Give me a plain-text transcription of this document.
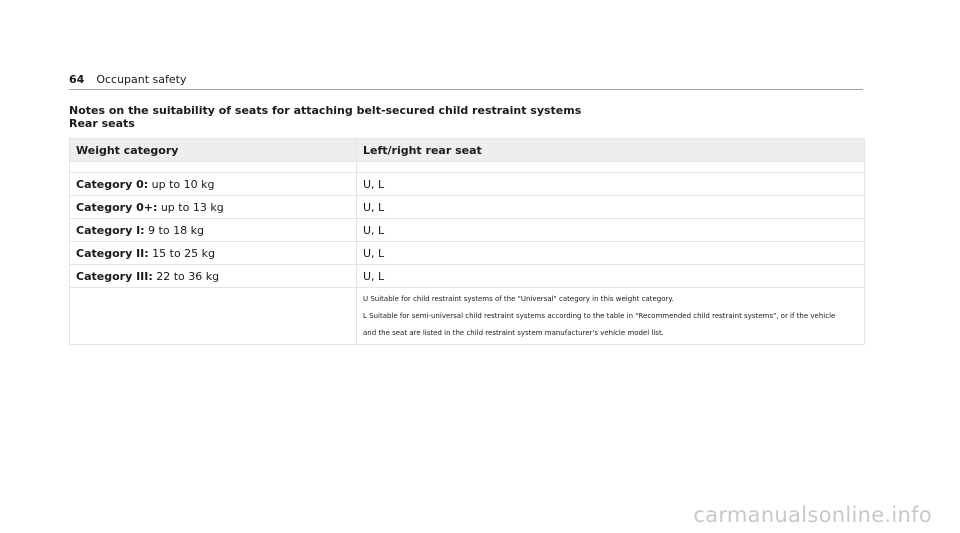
64 Occupant safety
Notes on the suitability of seats for attaching belt-secured child restraint systems
Rear seats
Weight category	Left/right rear seat

Category 0: up to 10 kg	U, L
Category 0+: up to 13 kg	U, L
Category I: 9 to 18 kg	U, L
Category II: 15 to 25 kg	U, L
Category III: 22 to 36 kg	U, L

	U Suitable for child restraint systems of the "Universal" category in this weight category.
L Suitable for semi-universal child restraint systems according to the table in "Recommended child restraint systems", or if the vehicle
and the seat are listed in the child restraint system manufacturer's vehicle model list.
carmanualsonline.info
